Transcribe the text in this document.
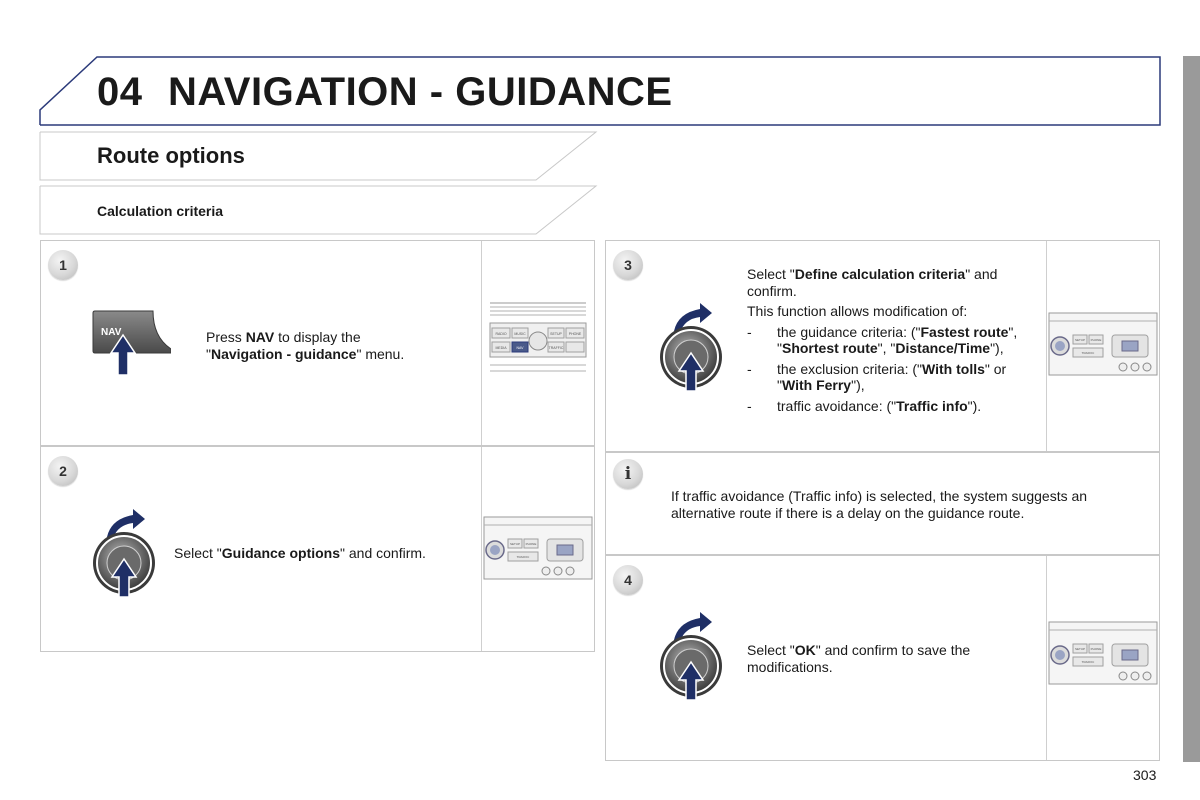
04 NAVIGATION - GUIDANCE
Route options
Calculation criteria
1
NAV	Press NAV to display the
"Navigation - guidance" menu.
RADIO MUSIC	SETUP PHONE
MEDIA	NAV	TRAFFIC
2
Select "Guidance options" and confirm.
SETUP PHONE
TRAFFIC
3
Select "Define calculation criteria" and confirm.
This function allows modification of:
- the guidance criteria: ("Fastest route", "Shortest route", "Distance/Time"),
- the exclusion criteria: ("With tolls" or "With Ferry"),
- traffic avoidance: ("Traffic info").
SETUP PHONE
TRAFFIC
i
If traffic avoidance (Traffic info) is selected, the system suggests an alternative route if there is a delay on the guidance route.
4
Select "OK" and confirm to save the modifications.
SETUP PHONE
TRAFFIC
303
